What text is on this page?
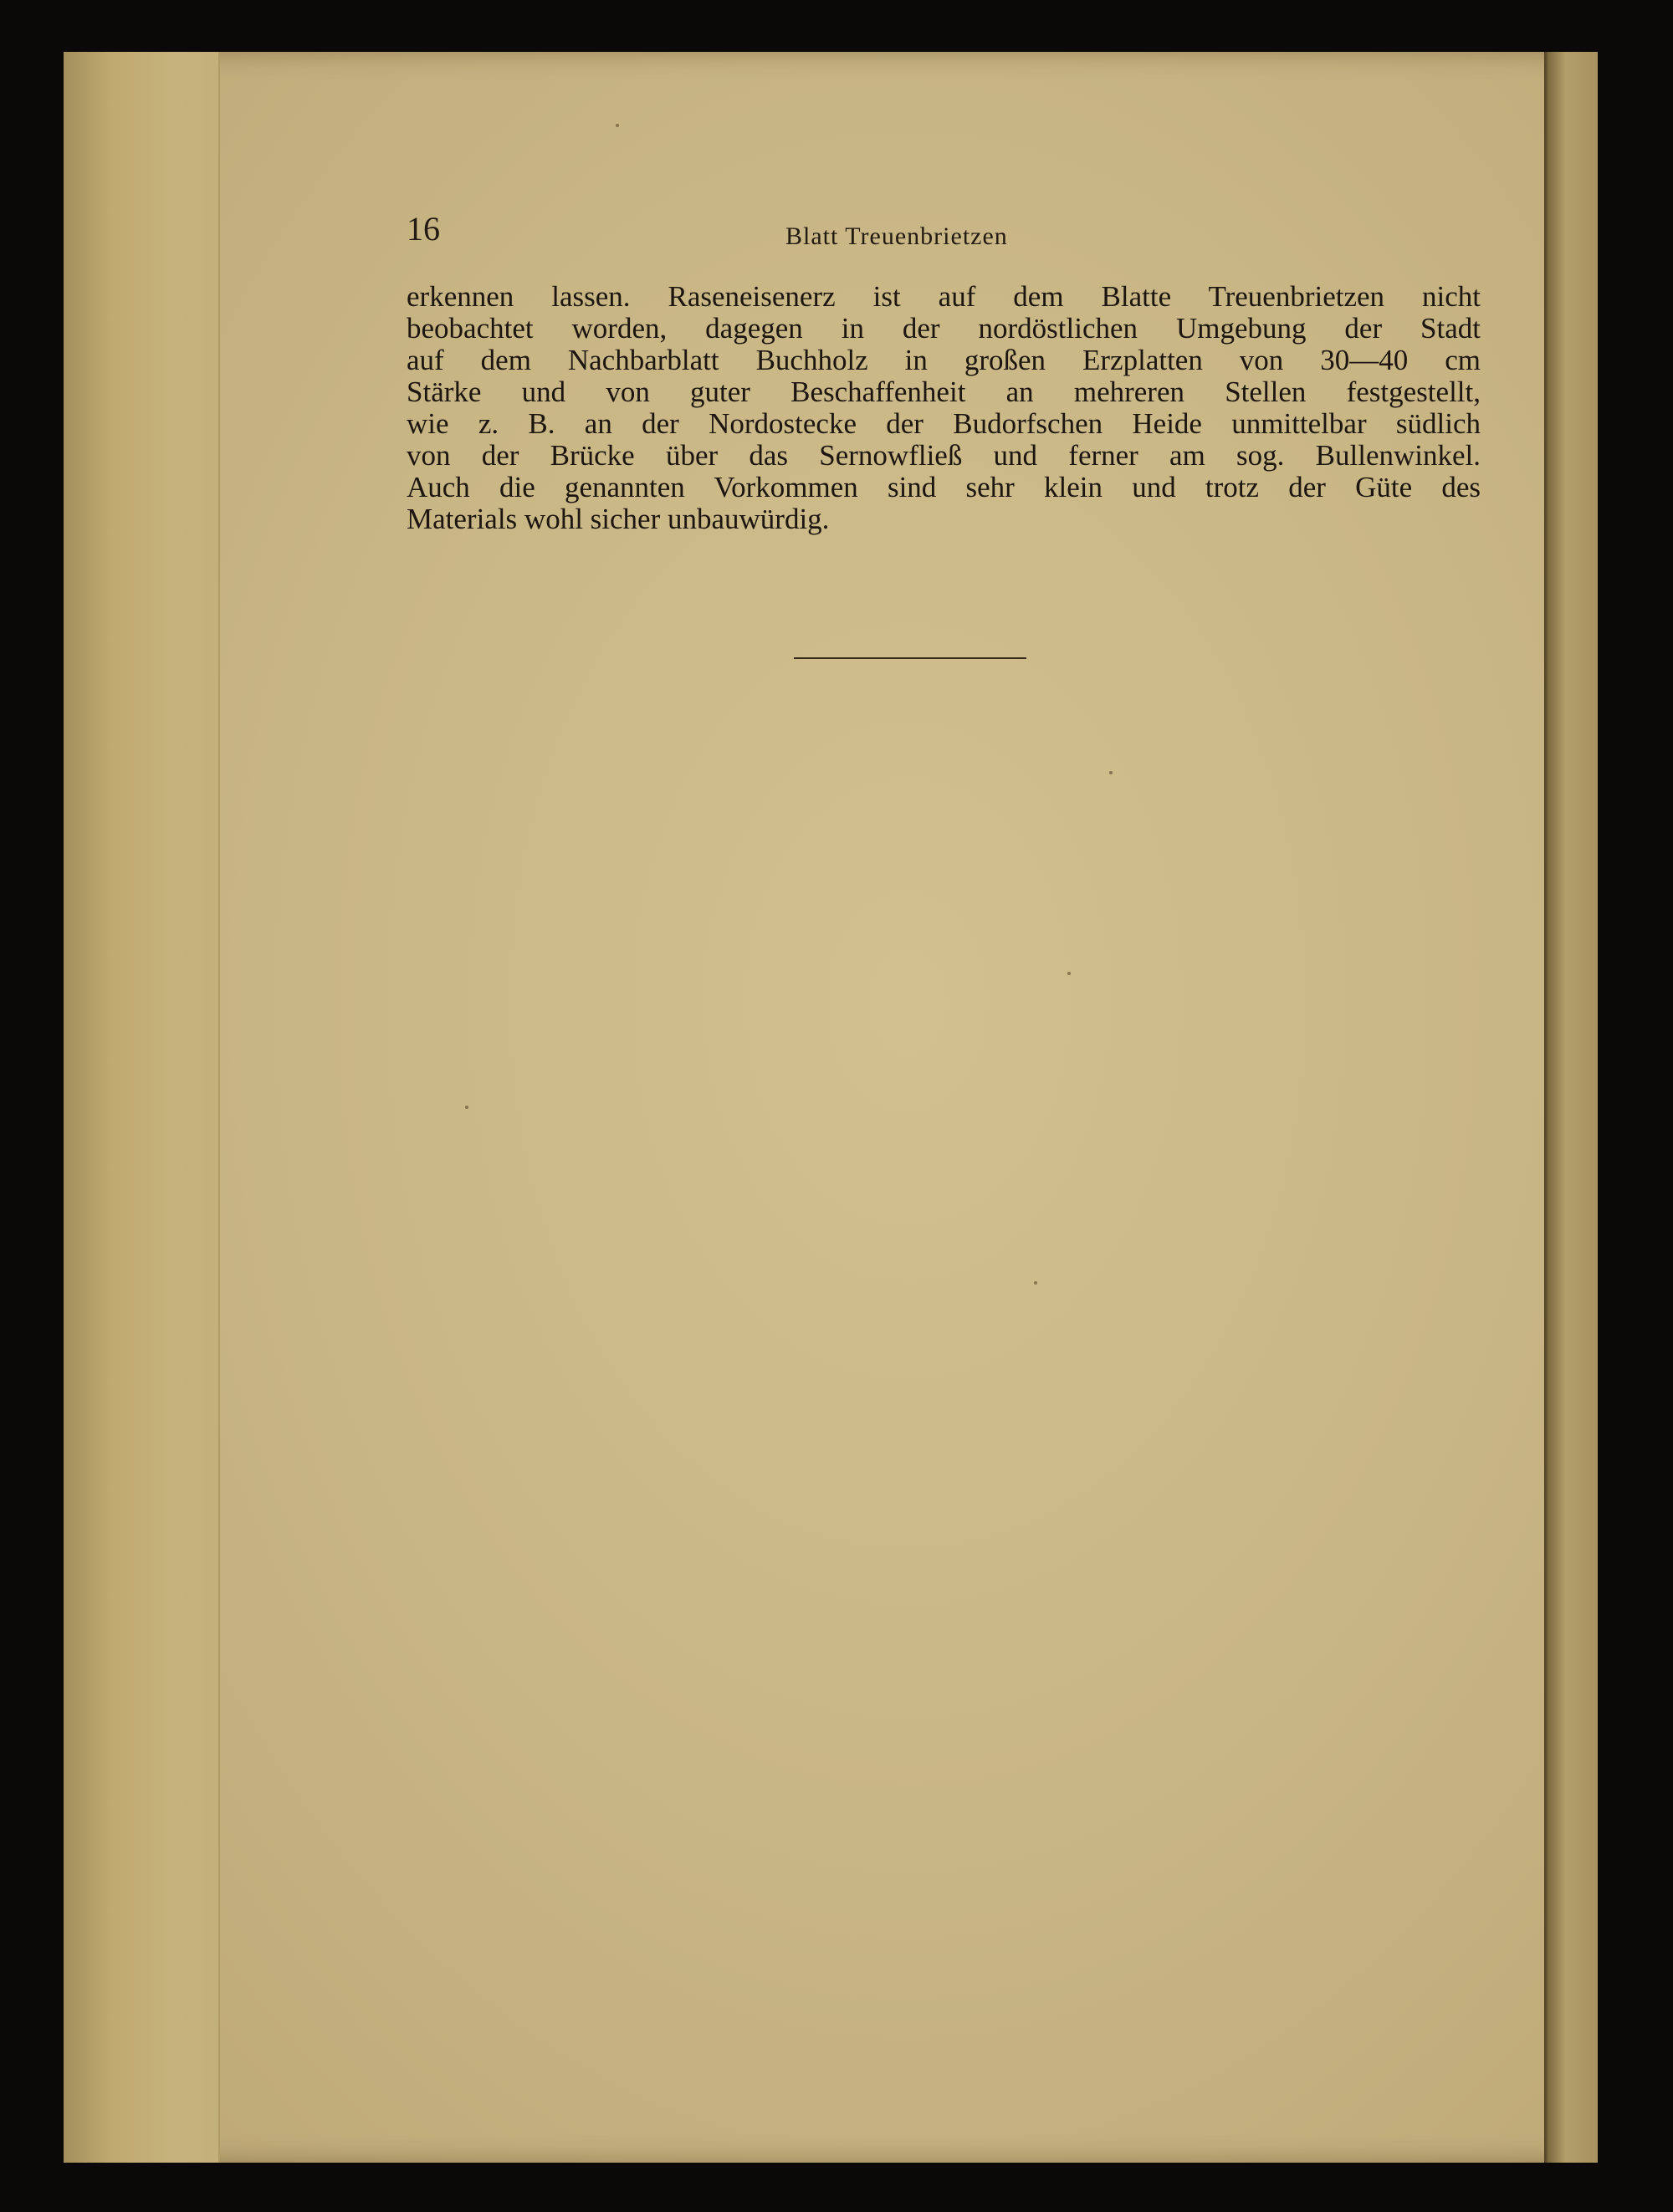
16	Blatt Treuenbrietzen
erkennen lassen. Raseneisenerz ist auf dem Blatte Treuenbrietzen nicht
beobachtet worden, dagegen in der nordöstlichen Umgebung der Stadt
auf dem Nachbarblatt Buchholz in großen Erzplatten von 30—40 cm
Stärke und von guter Beschaffenheit an mehreren Stellen festgestellt,
wie z. B. an der Nordostecke der Budorfschen Heide unmittelbar südlich
von der Brücke über das Sernowfließ und ferner am sog. Bullenwinkel.
Auch die genannten Vorkommen sind sehr klein und trotz der Güte des
Materials wohl sicher unbauwürdig.
